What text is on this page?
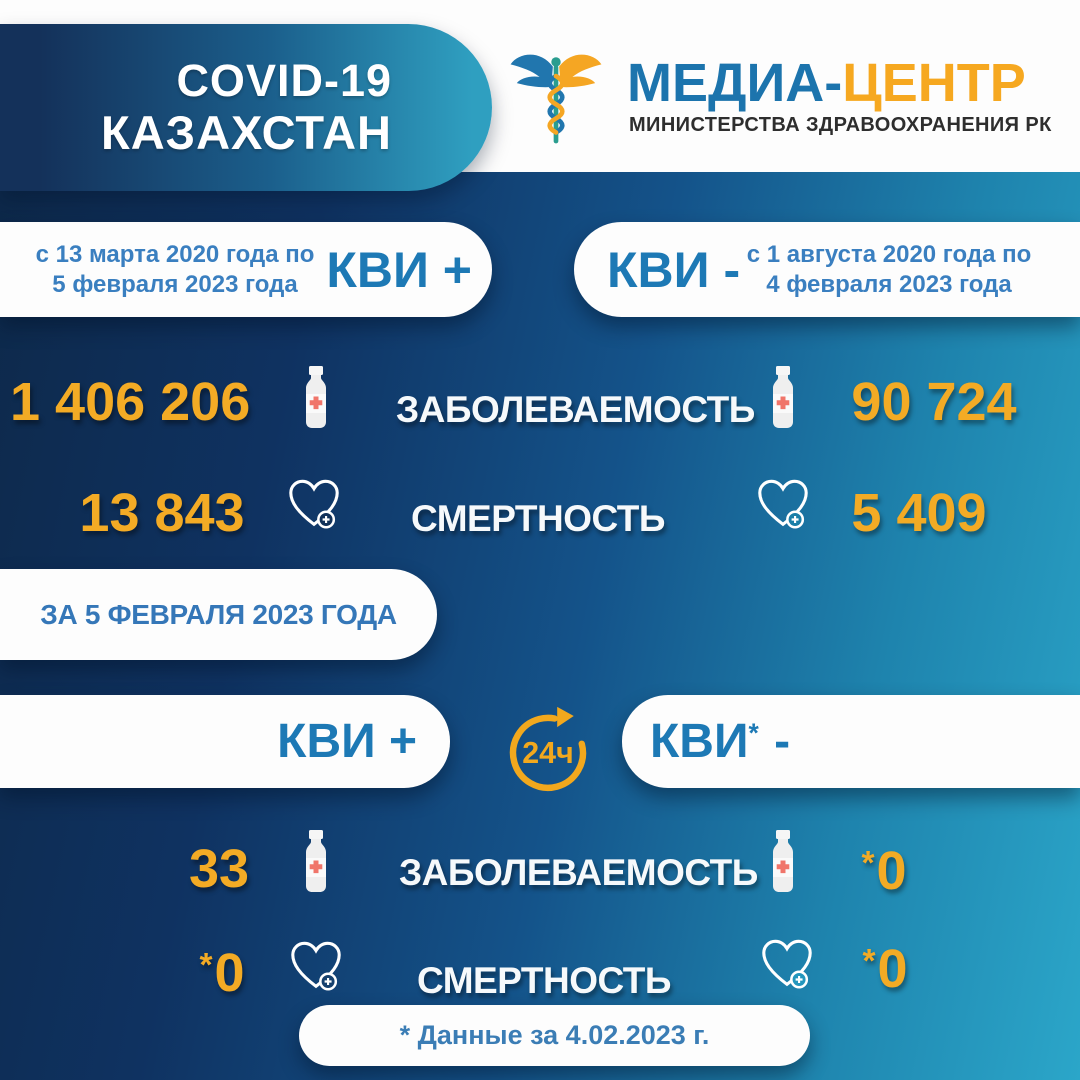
МЕДИА-ЦЕНТР
МИНИСТЕРСТВА ЗДРАВООХРАНЕНИЯ РК
COVID-19
КАЗАХСТАН
с 13 марта 2020 года по
5 февраля 2023 года КВИ +	КВИ - с 1 августа 2020 года по
4 февраля 2023 года
1 406 206	ЗАБОЛЕВАЕМОСТЬ	90 724
13 843	СМЕРТНОСТЬ	5 409
ЗА 5 ФЕВРАЛЯ 2023 ГОДА
КВИ +	24ч КВИ* -
33	ЗАБОЛЕВАЕМОСТЬ	*0
*0	СМЕРТНОСТЬ	*0
* Данные за 4.02.2023 г.
